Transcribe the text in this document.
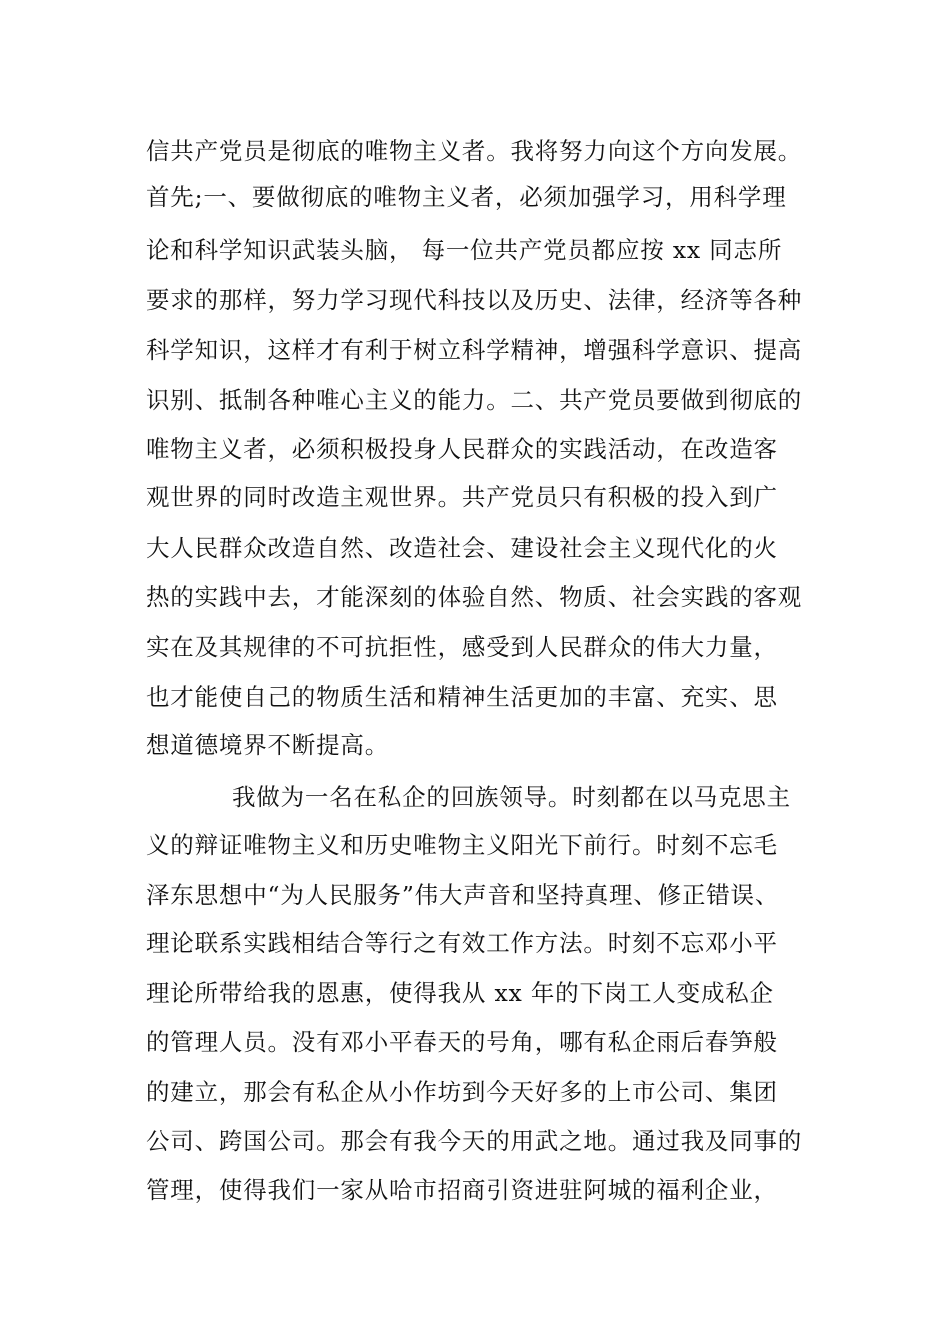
信共产党员是彻底的唯物主义者。我将努力向这个方向发展。
首先;一、要做彻底的唯物主义者，必须加强学习，用科学理
论和科学知识武装头脑， 每一位共产党员都应按 xx 同志所
要求的那样，努力学习现代科技以及历史、法律，经济等各种
科学知识，这样才有利于树立科学精神，增强科学意识、提高
识别、抵制各种唯心主义的能力。二、共产党员要做到彻底的
唯物主义者，必须积极投身人民群众的实践活动，在改造客
观世界的同时改造主观世界。共产党员只有积极的投入到广
大人民群众改造自然、改造社会、建设社会主义现代化的火
热的实践中去，才能深刻的体验自然、物质、社会实践的客观
实在及其规律的不可抗拒性，感受到人民群众的伟大力量，
也才能使自己的物质生活和精神生活更加的丰富、充实、思
想道德境界不断提高。
我做为一名在私企的回族领导。时刻都在以马克思主
义的辩证唯物主义和历史唯物主义阳光下前行。时刻不忘毛
泽东思想中“为人民服务”伟大声音和坚持真理、修正错误、
理论联系实践相结合等行之有效工作方法。时刻不忘邓小平
理论所带给我的恩惠，使得我从 xx 年的下岗工人变成私企
的管理人员。没有邓小平春天的号角，哪有私企雨后春笋般
的建立，那会有私企从小作坊到今天好多的上市公司、集团
公司、跨国公司。那会有我今天的用武之地。通过我及同事的
管理，使得我们一家从哈市招商引资进驻阿城的福利企业，
